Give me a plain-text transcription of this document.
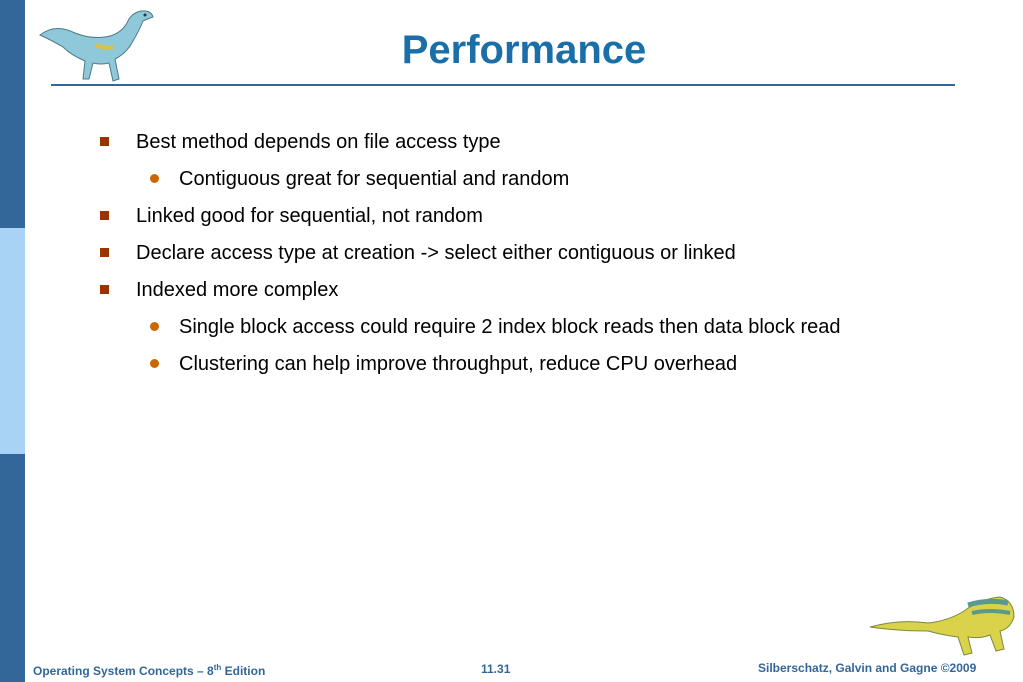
Performance
Best method depends on file access type
Contiguous great for sequential and random
Linked good for sequential, not random
Declare access type at creation -> select either contiguous or linked
Indexed more complex
Single block access could require 2 index block reads then data block read
Clustering can help improve throughput, reduce CPU overhead
Operating System Concepts – 8th Edition	11.31	Silberschatz, Galvin and Gagne ©2009
